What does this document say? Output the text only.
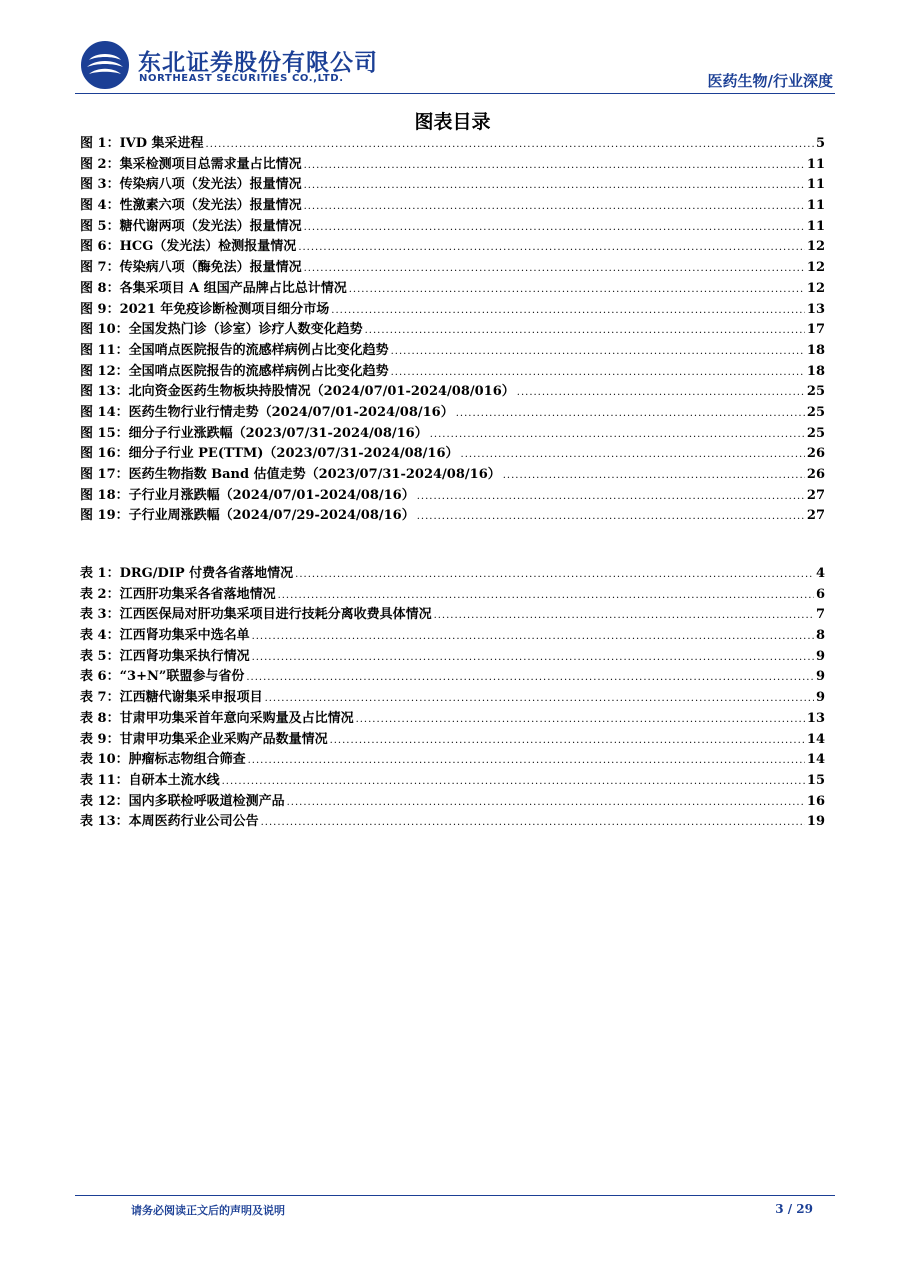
东北证券股份有限公司
NORTHEAST SECURITIES CO.,LTD.	医药生物/行业深度
图表目录
图 1：IVD 集采进程 .....	5
图 2：集采检测项目总需求量占比情况 .....	11
图 3：传染病八项（发光法）报量情况 .....	11
图 4：性激素六项（发光法）报量情况 .....	11
图 5：糖代谢两项（发光法）报量情况 .....	11
图 6：HCG（发光法）检测报量情况 .....	12
图 7：传染病八项（酶免法）报量情况 .....	12
图 8：各集采项目 A 组国产品牌占比总计情况 .....	12
图 9：2021 年免疫诊断检测项目细分市场 .....	13
图 10：全国发热门诊（诊室）诊疗人数变化趋势 .....	17
图 11：全国哨点医院报告的流感样病例占比变化趋势 .....	18
图 12：全国哨点医院报告的流感样病例占比变化趋势 .....	18
图 13：北向资金医药生物板块持股情况（2024/07/01-2024/08/016） .....	25
图 14：医药生物行业行情走势（2024/07/01-2024/08/16） .....	25
图 15：细分子行业涨跌幅（2023/07/31-2024/08/16） .....	25
图 16：细分子行业 PE(TTM)（2023/07/31-2024/08/16） .....	26
图 17：医药生物指数 Band 估值走势（2023/07/31-2024/08/16） .....	26
图 18：子行业月涨跌幅（2024/07/01-2024/08/16） .....	27
图 19：子行业周涨跌幅（2024/07/29-2024/08/16） .....	27
表 1：DRG/DIP 付费各省落地情况 .....	4
表 2：江西肝功集采各省落地情况 .....	6
表 3：江西医保局对肝功集采项目进行技耗分离收费具体情况 .....	7
表 4：江西肾功集采中选名单 .....	8
表 5：江西肾功集采执行情况 .....	9
表 6：“3+N”联盟参与省份 .....	9
表 7：江西糖代谢集采申报项目 .....	9
表 8：甘肃甲功集采首年意向采购量及占比情况 .....	13
表 9：甘肃甲功集采企业采购产品数量情况 .....	14
表 10：肿瘤标志物组合筛查 .....	14
表 11：自研本土流水线 .....	15
表 12：国内多联检呼吸道检测产品 .....	16
表 13：本周医药行业公司公告 .....	19
请务必阅读正文后的声明及说明	3 / 29
